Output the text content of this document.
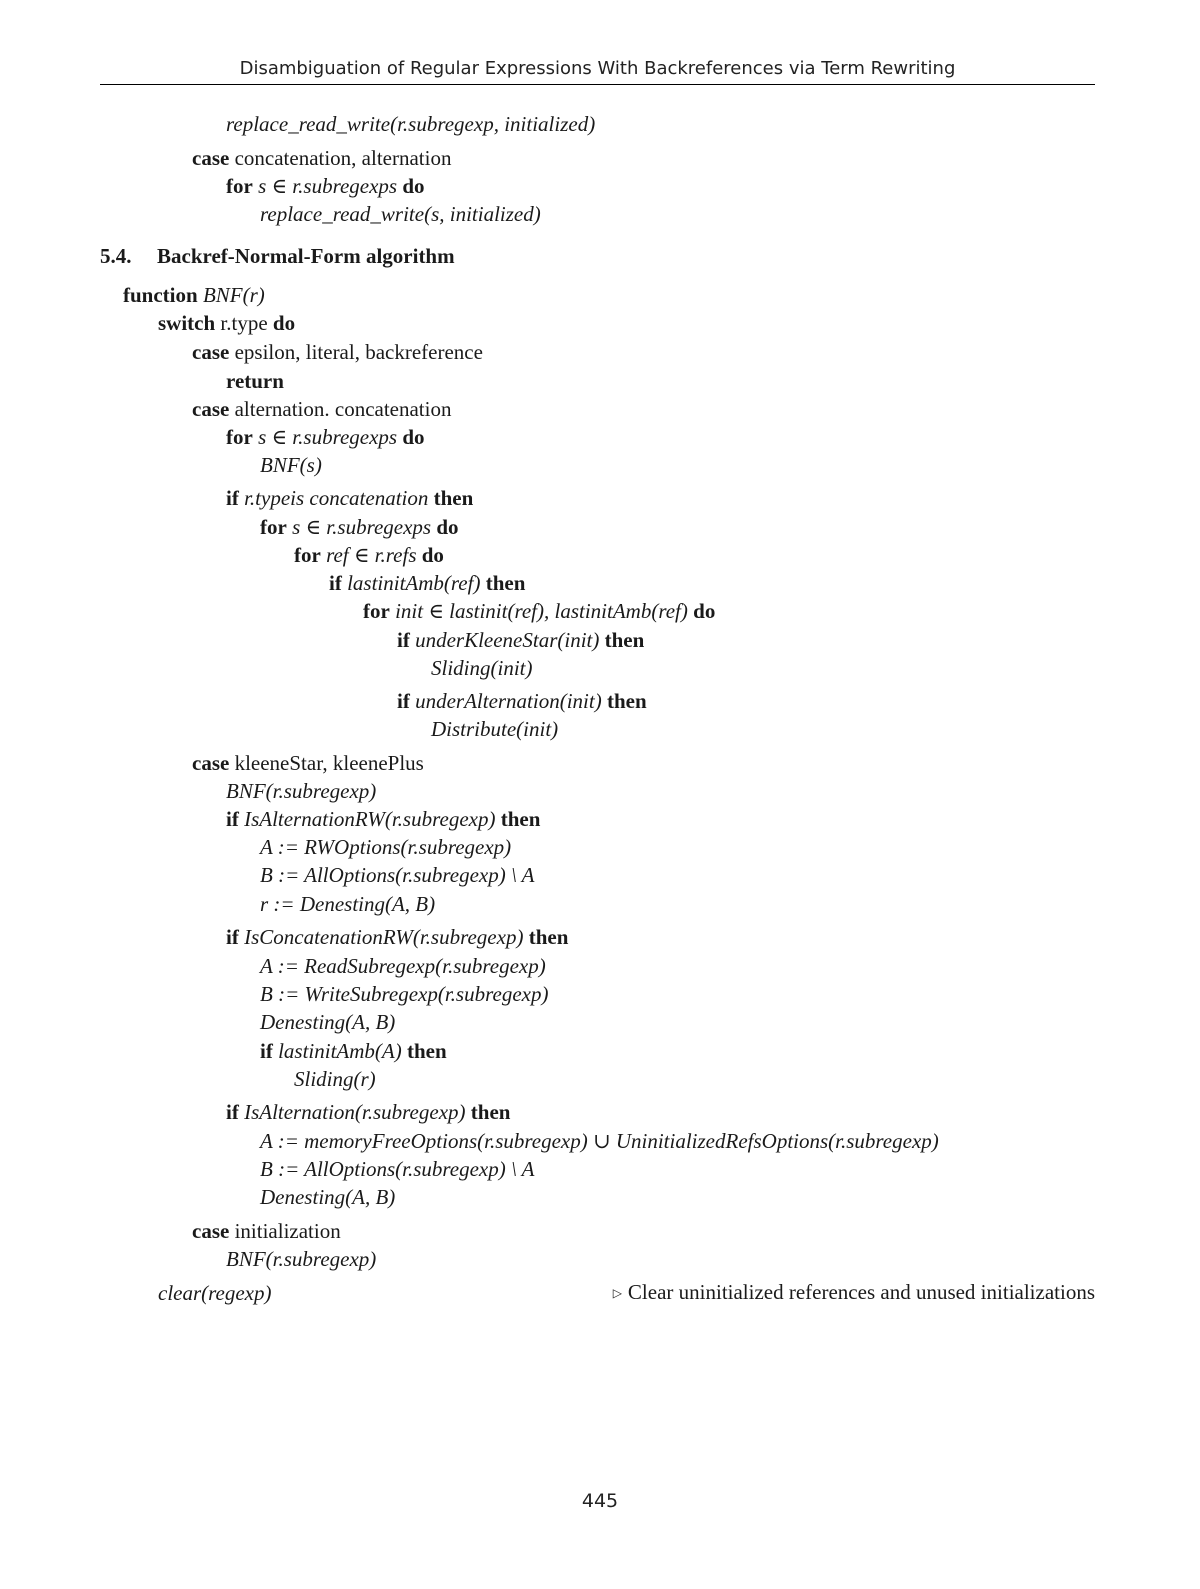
Disambiguation of Regular Expressions With Backreferences via Term Rewriting
replace_read_write(r.subregexp, initialized)
case concatenation, alternation
for s ∈ r.subregexps do
replace_read_write(s, initialized)
5.4. Backref-Normal-Form algorithm
function BNF(r)
switch r.type do
case epsilon, literal, backreference
return
case alternation. concatenation
for s ∈ r.subregexps do
BNF(s)
if r.typeis concatenation then
for s ∈ r.subregexps do
for ref ∈ r.refs do
if lastinitAmb(ref) then
for init ∈ lastinit(ref), lastinitAmb(ref) do
if underKleeneStar(init) then
Sliding(init)
if underAlternation(init) then
Distribute(init)
case kleeneStar, kleenePlus
BNF(r.subregexp)
if IsAlternationRW(r.subregexp) then
A := RWOptions(r.subregexp)
B := AllOptions(r.subregexp) \ A
r := Denesting(A, B)
if IsConcatenationRW(r.subregexp) then
A := ReadSubregexp(r.subregexp)
B := WriteSubregexp(r.subregexp)
Denesting(A, B)
if lastinitAmb(A) then
Sliding(r)
if IsAlternation(r.subregexp) then
A := memoryFreeOptions(r.subregexp) ∪ UninitializedRefsOptions(r.subregexp)
B := AllOptions(r.subregexp) \ A
Denesting(A, B)
case initialization
BNF(r.subregexp)
clear(regexp)	▷ Clear uninitialized references and unused initializations
445
